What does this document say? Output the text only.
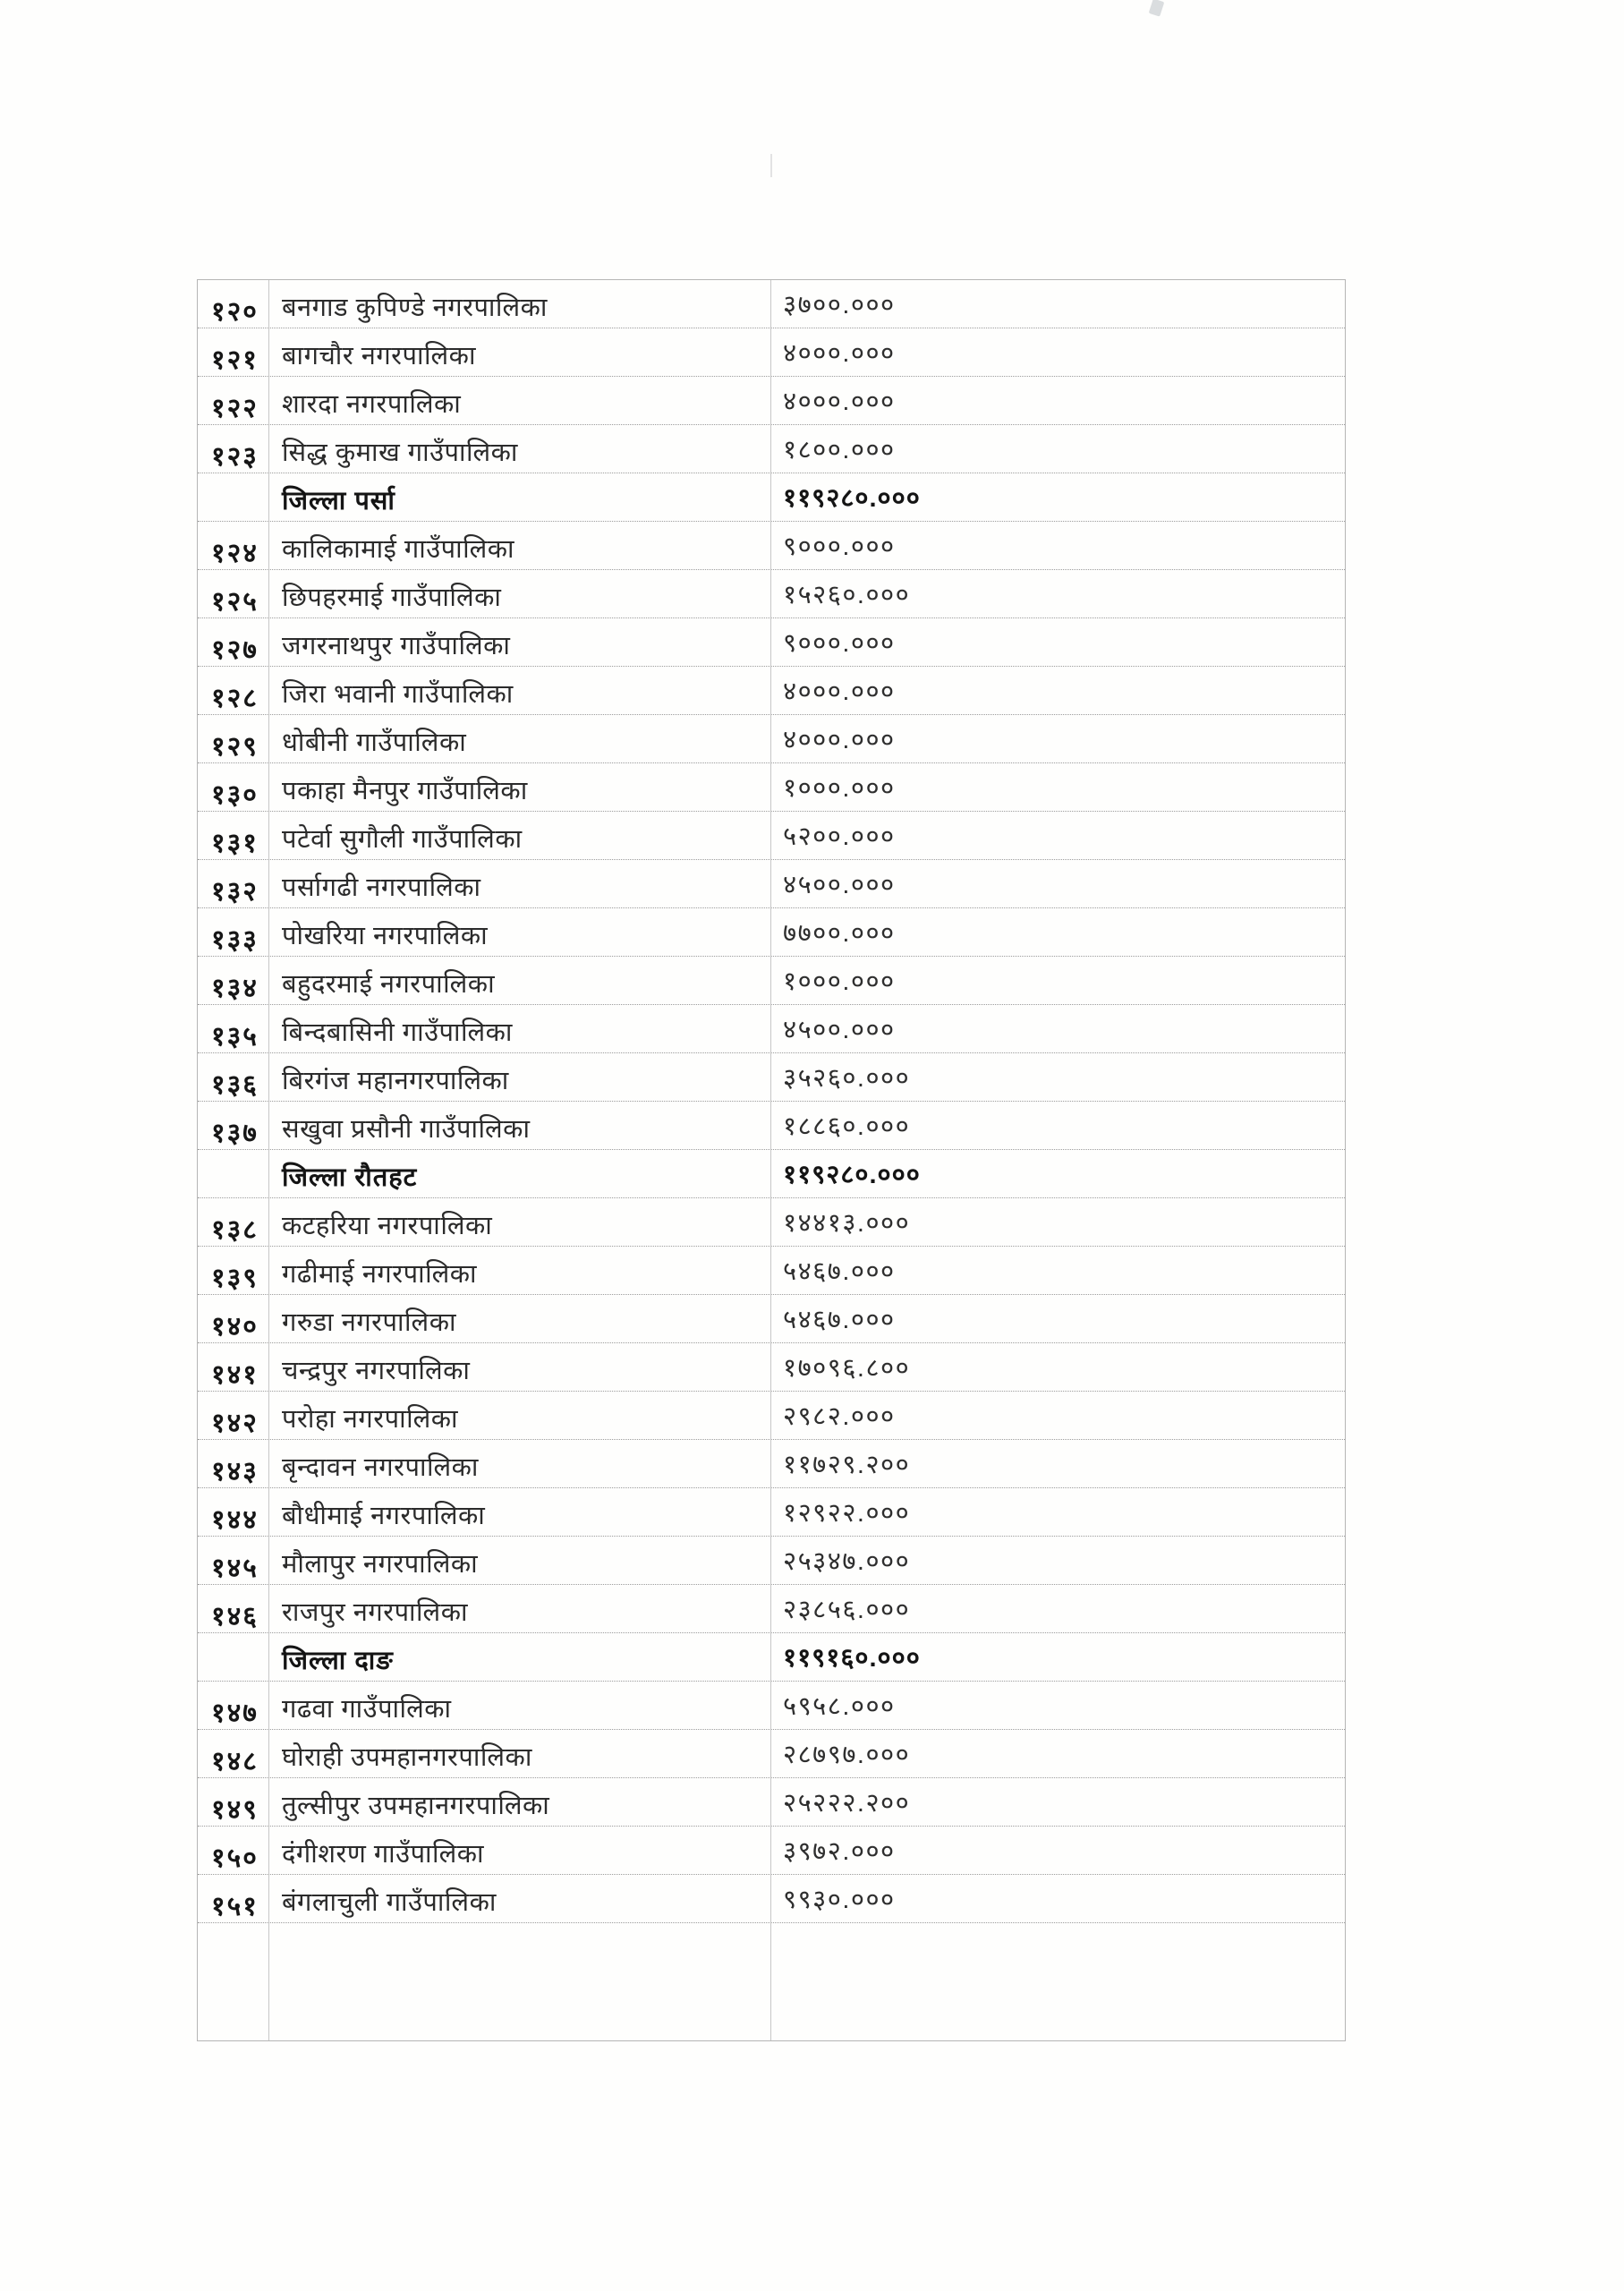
१२० बनगाड कुपिण्डे नगरपालिका	३७००.०००
१२१ बागचौर नगरपालिका	४०००.०००
१२२ शारदा नगरपालिका	४०००.०००
१२३ सिद्ध कुमाख गाउँपालिका	१८००.०००
जिल्ला पर्सा	११९२८०.०००
१२४ कालिकामाई गाउँपालिका	९०००.०००
१२५ छिपहरमाई गाउँपालिका	१५२६०.०००
१२७ जगरनाथपुर गाउँपालिका	९०००.०००
१२८ जिरा भवानी गाउँपालिका	४०००.०००
१२९ धोबीनी गाउँपालिका	४०००.०००
१३० पकाहा मैनपुर गाउँपालिका	१०००.०००
१३१ पटेर्वा सुगौली गाउँपालिका	५२००.०००
१३२ पर्सागढी नगरपालिका	४५००.०००
१३३ पोखरिया नगरपालिका	७७००.०००
१३४ बहुदरमाई नगरपालिका	१०००.०००
१३५ बिन्दबासिनी गाउँपालिका	४५००.०००
१३६ बिरगंज महानगरपालिका	३५२६०.०००
१३७ सखुवा प्रसौनी गाउँपालिका	१८८६०.०००
जिल्ला रौतहट	११९२८०.०००
१३८ कटहरिया नगरपालिका	१४४१३.०००
१३९ गढीमाई नगरपालिका	५४६७.०००
१४० गरुडा नगरपालिका	५४६७.०००
१४१ चन्द्रपुर नगरपालिका	१७०९६.८००
१४२ परोहा नगरपालिका	२९८२.०००
१४३ बृन्दावन नगरपालिका	११७२९.२००
१४४ बौधीमाई नगरपालिका	१२९२२.०००
१४५ मौलापुर नगरपालिका	२५३४७.०००
१४६ राजपुर नगरपालिका	२३८५६.०००
जिल्ला दाङ	११९१६०.०००
१४७ गढवा गाउँपालिका	५९५८.०००
१४८ घोराही उपमहानगरपालिका	२८७९७.०००
१४९ तुल्सीपुर उपमहानगरपालिका	२५२२२.२००
१५० दंगीशरण गाउँपालिका	३९७२.०००
१५१ बंगलाचुली गाउँपालिका	९९३०.०००
